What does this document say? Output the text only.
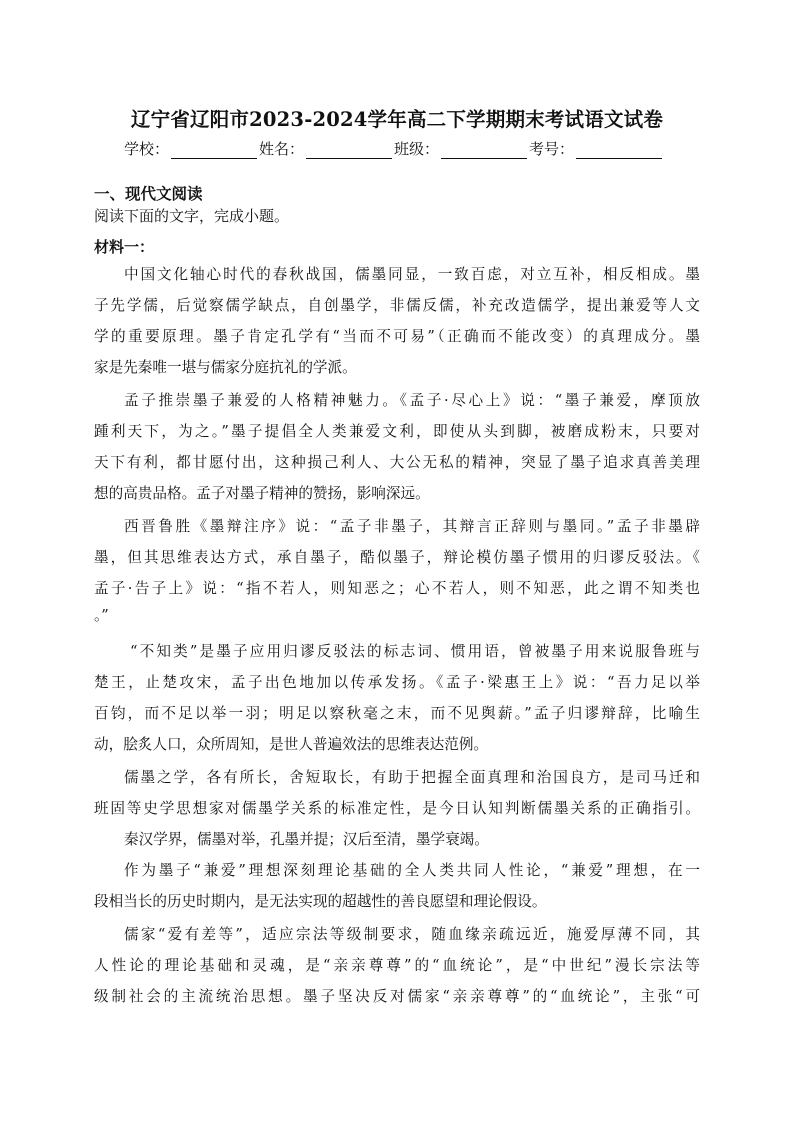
辽宁省辽阳市2023-2024学年高二下学期期末考试语文试卷
学校：	姓名：	班级：	考号：
一、现代文阅读
阅读下面的文字，完成小题。
材料一：
中国文化轴心时代的春秋战国，儒墨同显，一致百虑，对立互补，相反相成。墨
子先学儒，后觉察儒学缺点，自创墨学，非儒反儒，补充改造儒学，提出兼爱等人文
学的重要原理。墨子肯定孔学有“当而不可易”（正确而不能改变）的真理成分。墨
家是先秦唯一堪与儒家分庭抗礼的学派。
孟子推崇墨子兼爱的人格精神魅力。《孟子·尽心上》说：“墨子兼爱，摩顶放
踵利天下，为之。”墨子提倡全人类兼爱文利，即使从头到脚，被磨成粉末，只要对
天下有利，都甘愿付出，这种损己利人、大公无私的精神，突显了墨子追求真善美理
想的高贵品格。孟子对墨子精神的赞扬，影响深远。
西晋鲁胜《墨辩注序》说：“孟子非墨子，其辩言正辞则与墨同。”孟子非墨辟
墨，但其思维表达方式，承自墨子，酷似墨子，辩论模仿墨子惯用的归谬反驳法。《
孟子·告子上》说：“指不若人，则知恶之；心不若人，则不知恶，此之谓不知类也
。”
“不知类”是墨子应用归谬反驳法的标志词、惯用语，曾被墨子用来说服鲁班与
楚王，止楚攻宋，孟子出色地加以传承发扬。《孟子·梁惠王上》说：“吾力足以举
百钧，而不足以举一羽；明足以察秋毫之末，而不见舆薪。”孟子归谬辩辞，比喻生
动，脍炙人口，众所周知，是世人普遍效法的思维表达范例。
儒墨之学，各有所长，舍短取长，有助于把握全面真理和治国良方，是司马迁和
班固等史学思想家对儒墨学关系的标准定性，是今日认知判断儒墨关系的正确指引。
秦汉学界，儒墨对举，孔墨并提；汉后至清，墨学衰竭。
作为墨子“兼爱”理想深刻理论基础的全人类共同人性论，“兼爱”理想，在一
段相当长的历史时期内，是无法实现的超越性的善良愿望和理论假设。
儒家“爱有差等”，适应宗法等级制要求，随血缘亲疏远近，施爱厚薄不同，其
人性论的理论基础和灵魂，是“亲亲尊尊”的“血统论”，是“中世纪”漫长宗法等
级制社会的主流统治思想。墨子坚决反对儒家“亲亲尊尊”的“血统论”，主张“可
